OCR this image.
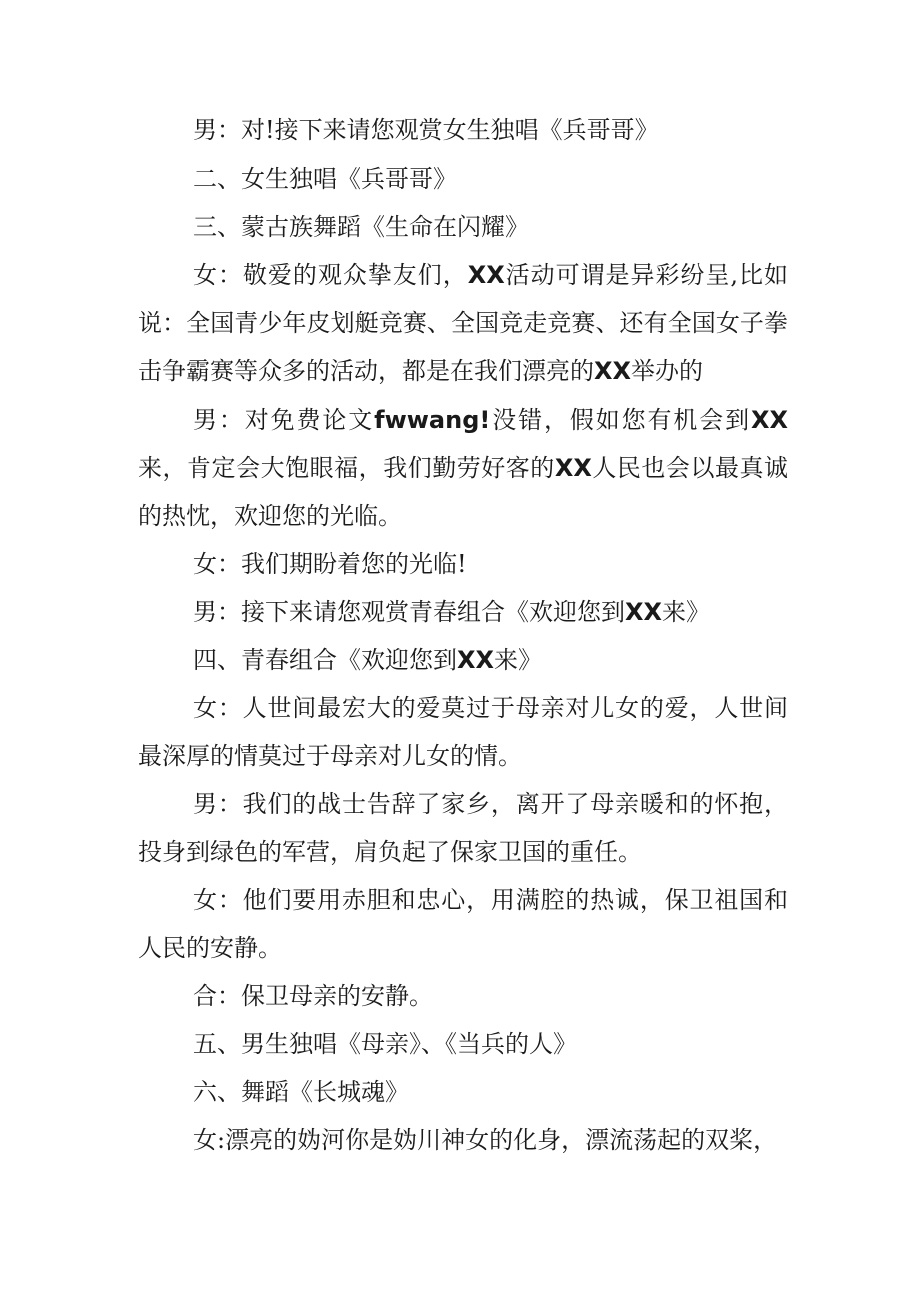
男：对!接下来请您观赏女生独唱《兵哥哥》

二、女生独唱《兵哥哥》

三、蒙古族舞蹈《生命在闪耀》

女：敬爱的观众挚友们，XX活动可谓是异彩纷呈,比如说：全国青少年皮划艇竞赛、全国竞走竞赛、还有全国女子拳击争霸赛等众多的活动，都是在我们漂亮的XX举办的

男：对免费论文fwwang!没错，假如您有机会到XX来，肯定会大饱眼福，我们勤劳好客的XX人民也会以最真诚的热忱，欢迎您的光临。

女：我们期盼着您的光临!

男：接下来请您观赏青春组合《欢迎您到XX来》

四、青春组合《欢迎您到XX来》

女：人世间最宏大的爱莫过于母亲对儿女的爱，人世间最深厚的情莫过于母亲对儿女的情。

男：我们的战士告辞了家乡，离开了母亲暖和的怀抱，投身到绿色的军营，肩负起了保家卫国的重任。

女：他们要用赤胆和忠心，用满腔的热诚，保卫祖国和人民的安静。

合：保卫母亲的安静。

五、男生独唱《母亲》、《当兵的人》

六、舞蹈《长城魂》

女:漂亮的妫河你是妫川神女的化身，漂流荡起的双桨，
